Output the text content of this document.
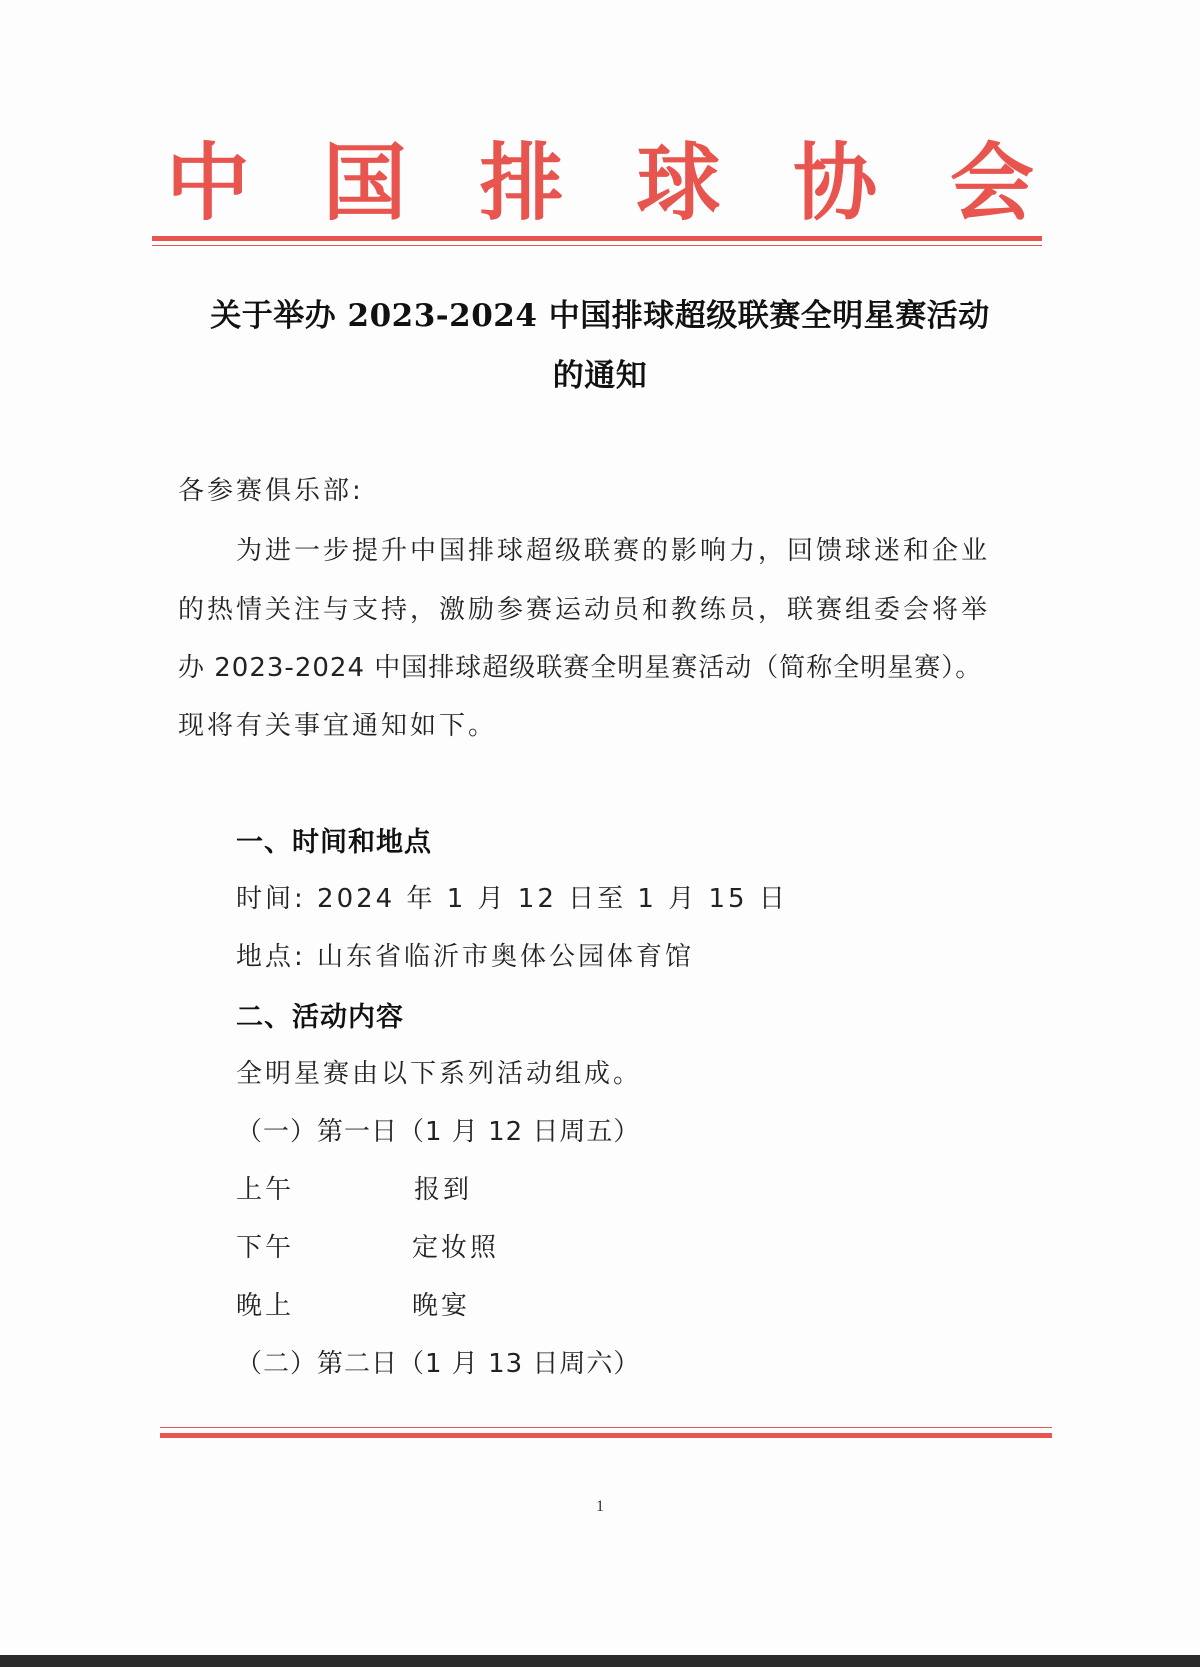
中 国 排 球 协 会
关于举办 2023-2024 中国排球超级联赛全明星赛活动
的通知
各参赛俱乐部:
为进一步提升中国排球超级联赛的影响力，回馈球迷和企业
的热情关注与支持，激励参赛运动员和教练员，联赛组委会将举
办 2023-2024 中国排球超级联赛全明星赛活动（简称全明星赛）。
现将有关事宜通知如下。
一、时间和地点
时间: 2024 年 1 月 12 日至 1 月 15 日
地点: 山东省临沂市奥体公园体育馆
二、活动内容
全明星赛由以下系列活动组成。
（一）第一日（1 月 12 日周五）
上午	报到
下午	定妆照
晚上	晚宴
（二）第二日（1 月 13 日周六）
1
